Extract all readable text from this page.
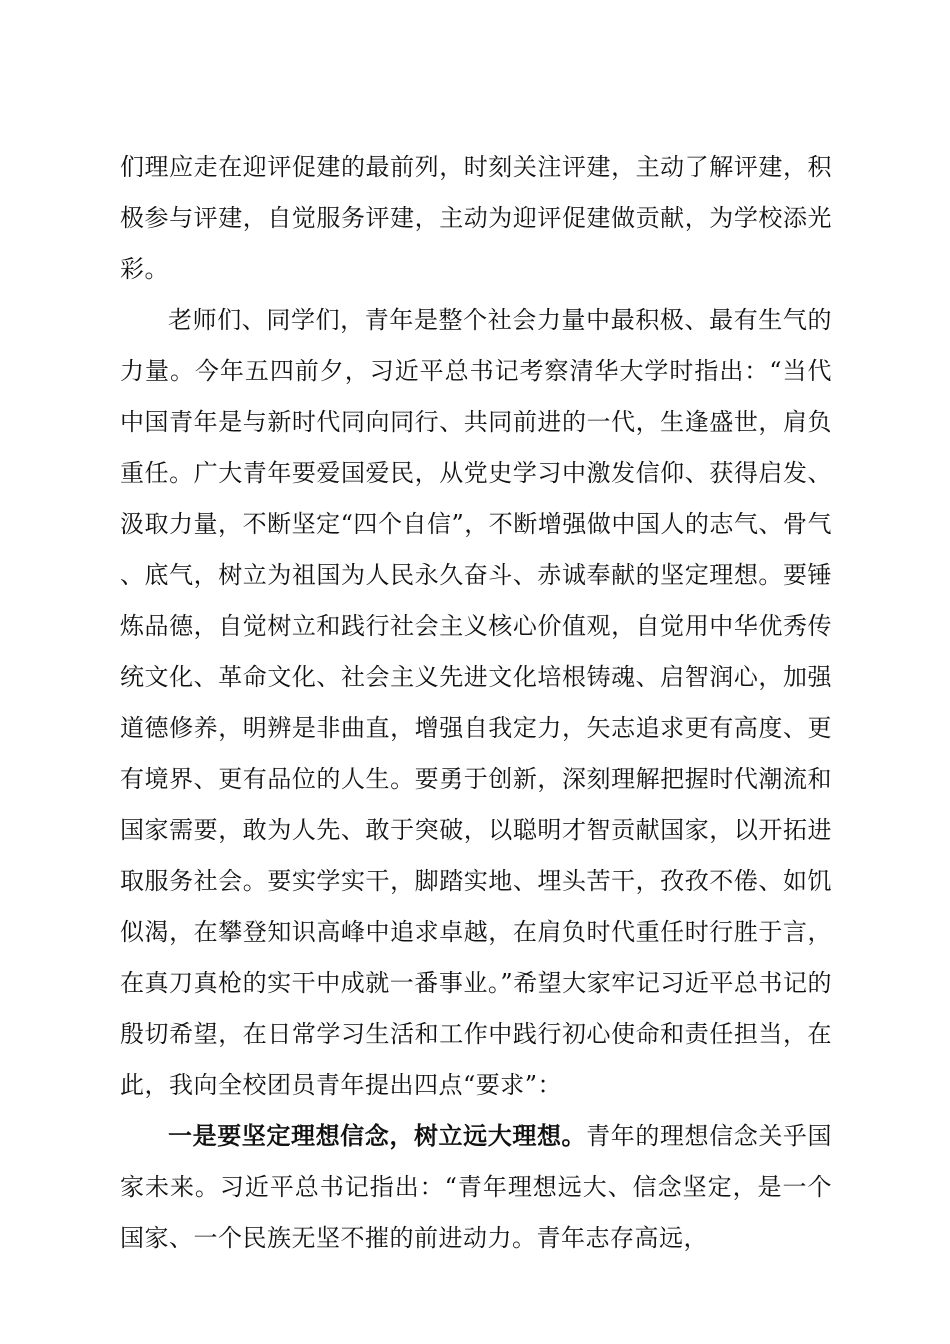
们理应走在迎评促建的最前列，时刻关注评建，主动了解评建，积极参与评建，自觉服务评建，主动为迎评促建做贡献，为学校添光彩。

老师们、同学们，青年是整个社会力量中最积极、最有生气的力量。今年五四前夕，习近平总书记考察清华大学时指出：“当代中国青年是与新时代同向同行、共同前进的一代，生逢盛世，肩负重任。广大青年要爱国爱民，从党史学习中激发信仰、获得启发、汲取力量，不断坚定“四个自信”，不断增强做中国人的志气、骨气、底气，树立为祖国为人民永久奋斗、赤诚奉献的坚定理想。要锤炼品德，自觉树立和践行社会主义核心价值观，自觉用中华优秀传统文化、革命文化、社会主义先进文化培根铸魂、启智润心，加强道德修养，明辨是非曲直，增强自我定力，矢志追求更有高度、更有境界、更有品位的人生。要勇于创新，深刻理解把握时代潮流和国家需要，敢为人先、敢于突破，以聪明才智贡献国家，以开拓进取服务社会。要实学实干，脚踏实地、埋头苦干，孜孜不倦、如饥似渴，在攀登知识高峰中追求卓越，在肩负时代重任时行胜于言，在真刀真枪的实干中成就一番事业。”希望大家牢记习近平总书记的殷切希望，在日常学习生活和工作中践行初心使命和责任担当，在此，我向全校团员青年提出四点“要求”：

一是要坚定理想信念，树立远大理想。青年的理想信念关乎国家未来。习近平总书记指出：“青年理想远大、信念坚定，是一个国家、一个民族无坚不摧的前进动力。青年志存高远，
